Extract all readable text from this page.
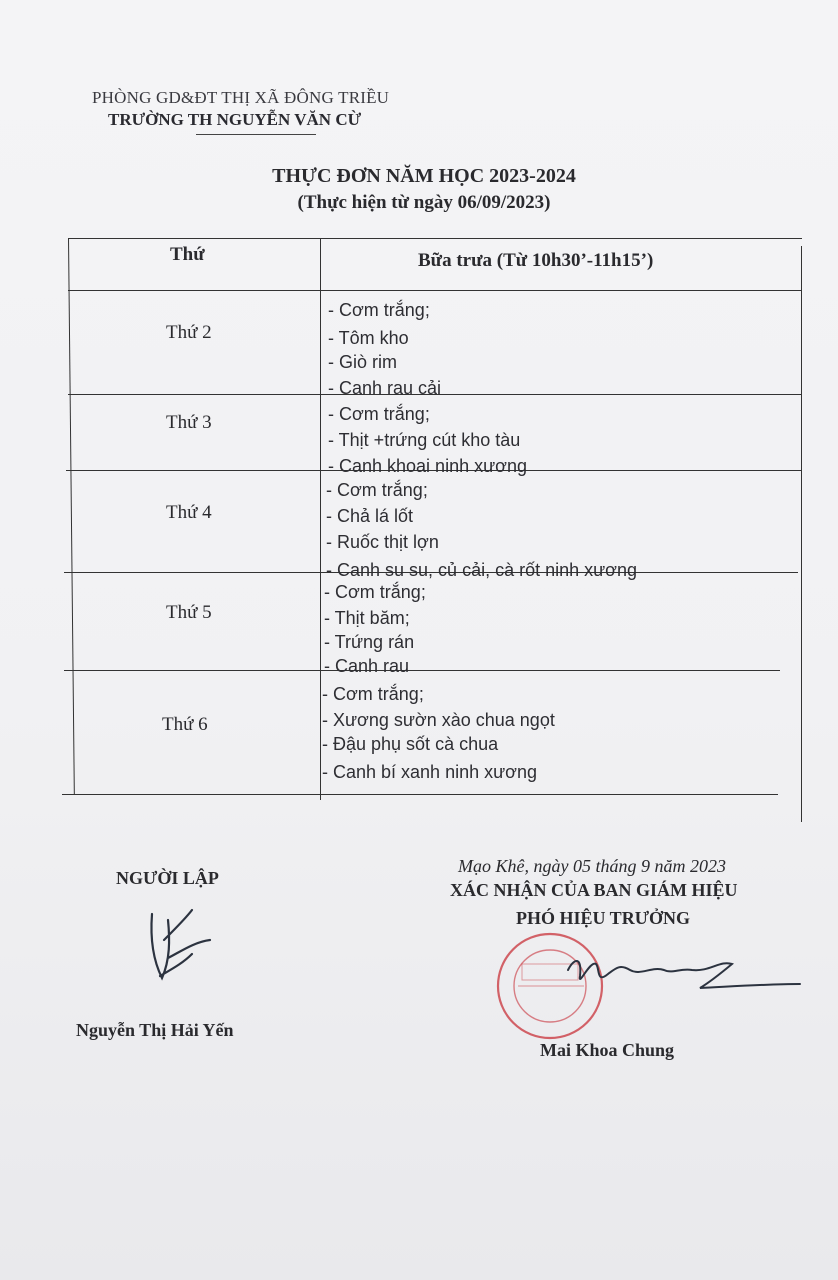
PHÒNG GD&ĐT THỊ XÃ ĐÔNG TRIỀU
TRƯỜNG TH NGUYỄN VĂN CỪ
THỰC ĐƠN NĂM HỌC 2023-2024
(Thực hiện từ ngày 06/09/2023)
Thứ	Bữa trưa (Từ 10h30’-11h15’)
Thứ 2
- Cơm trắng;
- Tôm kho
- Giò rim
- Canh rau cải
Thứ 3	- Cơm trắng;
- Thịt +trứng cút kho tàu
- Canh khoai ninh xương
Thứ 4
- Cơm trắng;
- Chả lá lốt
- Ruốc thịt lợn
- Canh su su, củ cải, cà rốt ninh xương
Thứ 5
- Cơm trắng;
- Thịt băm;
- Trứng rán
- Canh rau
Thứ 6
- Cơm trắng;
- Xương sườn xào chua ngọt
- Đậu phụ sốt cà chua
- Canh bí xanh ninh xương
NGƯỜI LẬP
Nguyễn Thị Hải Yến
Mạo Khê, ngày 05 tháng 9 năm 2023
XÁC NHẬN CỦA BAN GIÁM HIỆU
PHÓ HIỆU TRƯỞNG
Mai Khoa Chung
